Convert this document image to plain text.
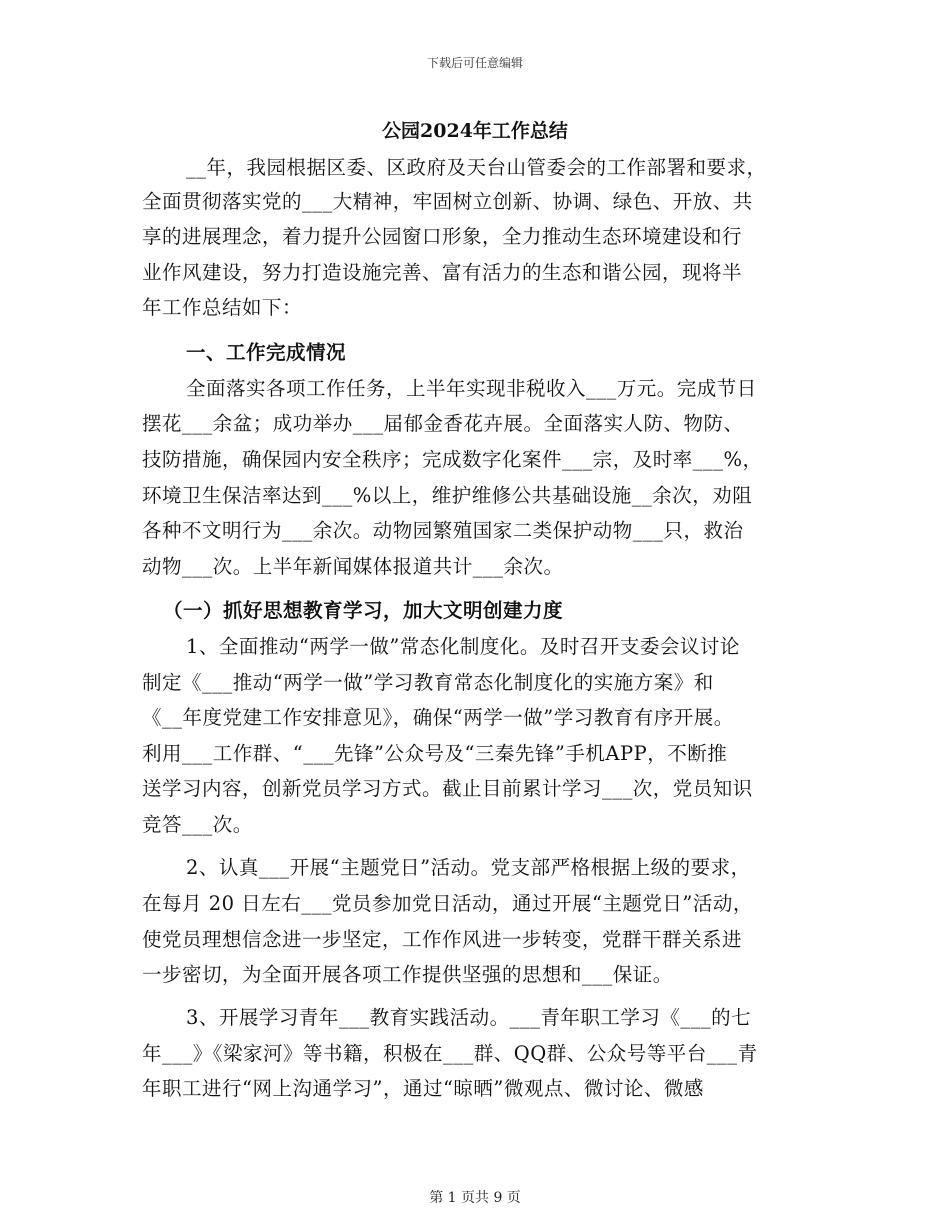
下载后可任意编辑
公园2024年工作总结
__年，我园根据区委、区政府及天台山管委会的工作部署和要求，
全面贯彻落实党的___大精神，牢固树立创新、协调、绿色、开放、共
享的进展理念，着力提升公园窗口形象，全力推动生态环境建设和行
业作风建设，努力打造设施完善、富有活力的生态和谐公园，现将半
年工作总结如下：
一、工作完成情况
全面落实各项工作任务，上半年实现非税收入___万元。完成节日
摆花___余盆；成功举办___届郁金香花卉展。全面落实人防、物防、
技防措施，确保园内安全秩序；完成数字化案件___宗，及时率___%，
环境卫生保洁率达到___%以上，维护维修公共基础设施__余次，劝阻
各种不文明行为___余次。动物园繁殖国家二类保护动物___只，救治
动物___次。上半年新闻媒体报道共计___余次。
（一）抓好思想教育学习，加大文明创建力度
1、全面推动“两学一做”常态化制度化。及时召开支委会议讨论
制定《___推动“两学一做”学习教育常态化制度化的实施方案》和
《__年度党建工作安排意见》，确保“两学一做”学习教育有序开展。
利用___工作群、“___先锋”公众号及“三秦先锋”手机APP，不断推
送学习内容，创新党员学习方式。截止目前累计学习___次，党员知识
竞答___次。
2、认真___开展“主题党日”活动。党支部严格根据上级的要求，
在每月 20 日左右___党员参加党日活动，通过开展“主题党日”活动，
使党员理想信念进一步坚定，工作作风进一步转变，党群干群关系进
一步密切，为全面开展各项工作提供坚强的思想和___保证。
3、开展学习青年___教育实践活动。___青年职工学习《___的七
年___》《梁家河》等书籍，积极在___群、QQ群、公众号等平台___青
年职工进行“网上沟通学习”，通过“晾晒”微观点、微讨论、微感
第 1 页共 9 页
